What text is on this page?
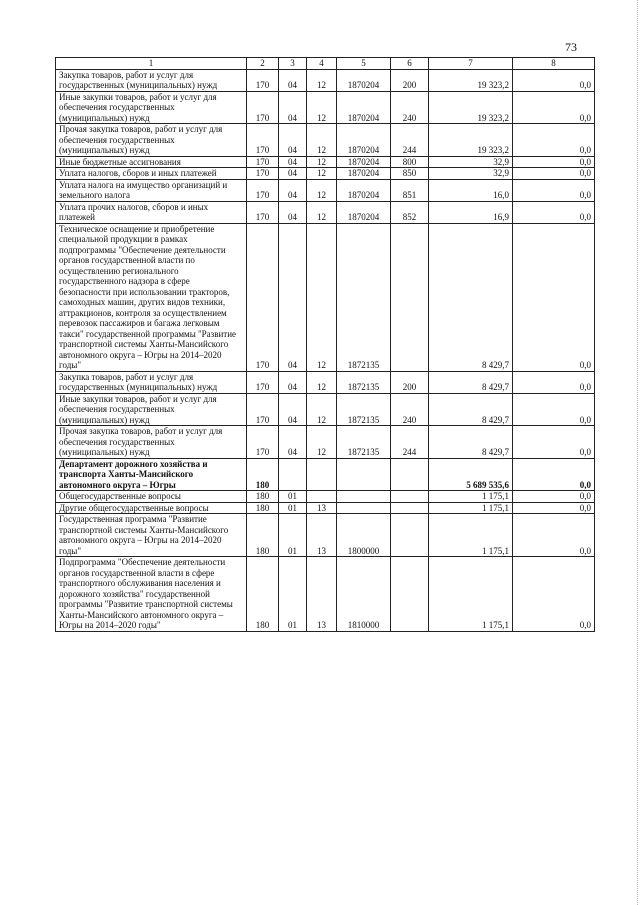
73
1	2	3	4	5	6	7	8
Закупка товаров, работ и услуг для государственных (муниципальных) нужд	170	04	12	1870204	200	19 323,2	0,0
Иные закупки товаров, работ и услуг для обеспечения государственных (муниципальных) нужд	170	04	12	1870204	240	19 323,2	0,0
Прочая закупка товаров, работ и услуг для обеспечения государственных (муниципальных) нужд	170	04	12	1870204	244	19 323,2	0,0
Иные бюджетные ассигнования	170	04	12	1870204	800	32,9	0,0
Уплата налогов, сборов и иных платежей	170	04	12	1870204	850	32,9	0,0
Уплата налога на имущество организаций и земельного налога	170	04	12	1870204	851	16,0	0,0
Уплата прочих налогов, сборов и иных платежей	170	04	12	1870204	852	16,9	0,0
Техническое оснащение и приобретение специальной продукции в рамках подпрограммы "Обеспечение деятельности органов государственной власти по осуществлению регионального государственного надзора в сфере безопасности при использовании тракторов, самоходных машин, других видов техники, аттракционов, контроля за осуществлением перевозок пассажиров и багажа легковым такси" государственной программы "Развитие транспортной системы Ханты-Мансийского автономного округа – Югры на 2014–2020 годы"	170	04	12	1872135		8 429,7	0,0
Закупка товаров, работ и услуг для государственных (муниципальных) нужд	170	04	12	1872135	200	8 429,7	0,0
Иные закупки товаров, работ и услуг для обеспечения государственных (муниципальных) нужд	170	04	12	1872135	240	8 429,7	0,0
Прочая закупка товаров, работ и услуг для обеспечения государственных (муниципальных) нужд	170	04	12	1872135	244	8 429,7	0,0
Департамент дорожного хозяйства и транспорта Ханты-Мансийского автономного округа – Югры	180					5 689 535,6	0,0
Общегосударственные вопросы	180	01				1 175,1	0,0
Другие общегосударственные вопросы	180	01	13			1 175,1	0,0
Государственная программа "Развитие транспортной системы Ханты-Мансийского автономного округа – Югры на 2014–2020 годы"	180	01	13	1800000		1 175,1	0,0
Подпрограмма "Обеспечение деятельности органов государственной власти в сфере транспортного обслуживания населения и дорожного хозяйства" государственной программы "Развитие транспортной системы Ханты-Мансийского автономного округа – Югры на 2014–2020 годы"	180	01	13	1810000		1 175,1	0,0
